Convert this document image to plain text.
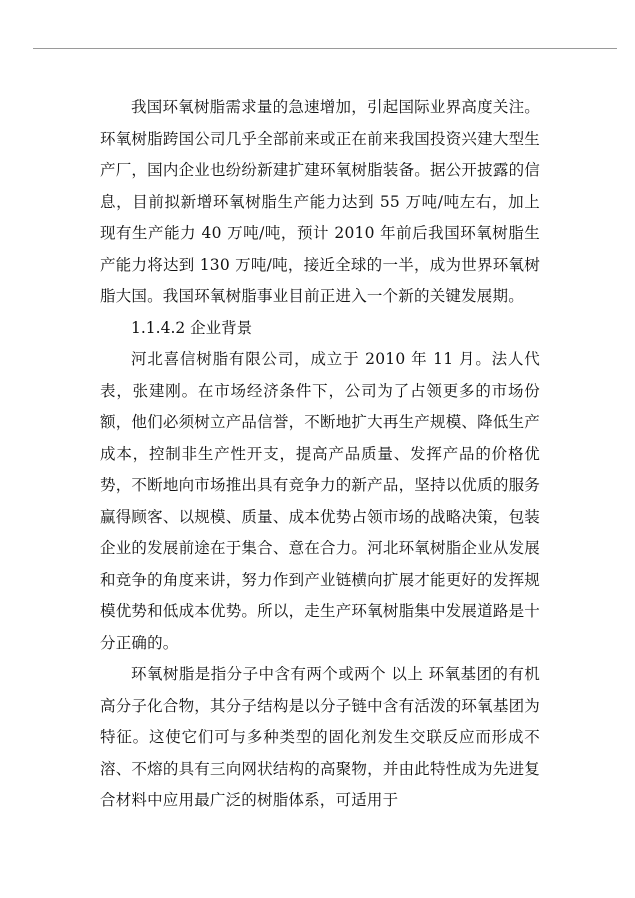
我国环氧树脂需求量的急速增加，引起国际业界高度关注。环氧树脂跨国公司几乎全部前来或正在前来我国投资兴建大型生产厂，国内企业也纷纷新建扩建环氧树脂装备。据公开披露的信息，目前拟新增环氧树脂生产能力达到 55 万吨/吨左右，加上现有生产能力 40 万吨/吨，预计 2010 年前后我国环氧树脂生产能力将达到 130 万吨/吨，接近全球的一半，成为世界环氧树脂大国。我国环氧树脂事业目前正进入一个新的关键发展期。

1.1.4.2 企业背景

河北喜信树脂有限公司，成立于 2010 年 11 月。法人代表，张建刚。在市场经济条件下，公司为了占领更多的市场份额，他们必须树立产品信誉，不断地扩大再生产规模、降低生产成本，控制非生产性开支，提高产品质量、发挥产品的价格优势，不断地向市场推出具有竞争力的新产品，坚持以优质的服务赢得顾客、以规模、质量、成本优势占领市场的战略决策，包装企业的发展前途在于集合、意在合力。河北环氧树脂企业从发展和竞争的角度来讲，努力作到产业链横向扩展才能更好的发挥规模优势和低成本优势。所以，走生产环氧树脂集中发展道路是十分正确的。

环氧树脂是指分子中含有两个或两个 以上 环氧基团的有机高分子化合物，其分子结构是以分子链中含有活泼的环氧基团为特征。这使它们可与多种类型的固化剂发生交联反应而形成不溶、不熔的具有三向网状结构的高聚物，并由此特性成为先进复合材料中应用最广泛的树脂体系，可适用于
